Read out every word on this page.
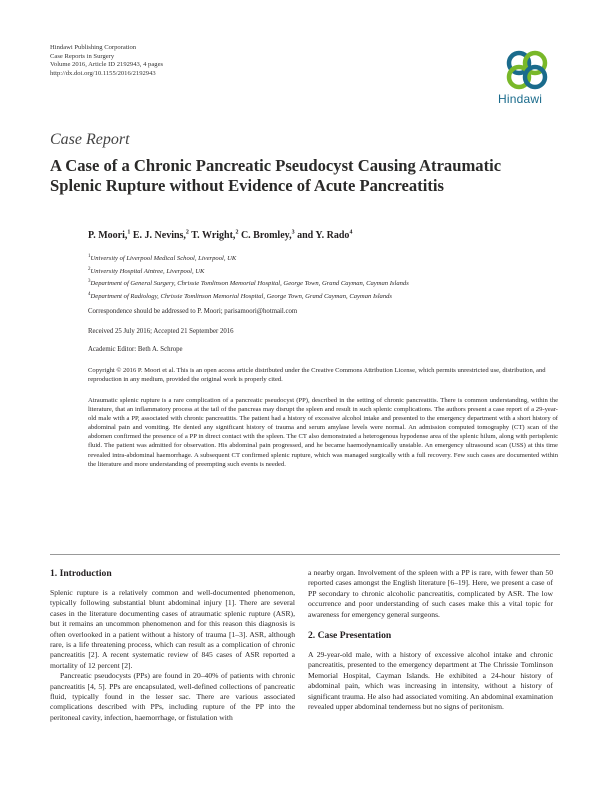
Hindawi Publishing Corporation
Case Reports in Surgery
Volume 2016, Article ID 2192943, 4 pages
http://dx.doi.org/10.1155/2016/2192943
Hindawi
Case Report
A Case of a Chronic Pancreatic Pseudocyst Causing Atraumatic
Splenic Rupture without Evidence of Acute Pancreatitis
P. Moori,$^1$ E. J. Nevins,$^2$ T. Wright,$^2$ C. Bromley,$^3$ and Y. Rado$^4$
$^1$University of Liverpool Medical School, Liverpool, UK
$^2$University Hospital Aintree, Liverpool, UK
$^3$Department of General Surgery, Chrissie Tomlinson Memorial Hospital, George Town, Grand Cayman, Cayman Islands
$^4$Department of Radiology, Chrissie Tomlinson Memorial Hospital, George Town, Grand Cayman, Cayman Islands
Correspondence should be addressed to P. Moori; parisamoori@hotmail.com
Received 25 July 2016; Accepted 21 September 2016
Academic Editor: Beth A. Schrope
Copyright © 2016 P. Moori et al. This is an open access article distributed under the Creative Commons Attribution License, which permits unrestricted use, distribution, and reproduction in any medium, provided the original work is properly cited.
Atraumatic splenic rupture is a rare complication of a pancreatic pseudocyst (PP), described in the setting of chronic pancreatitis. There is common understanding, within the literature, that an inflammatory process at the tail of the pancreas may disrupt the spleen and result in such splenic complications. The authors present a case report of a 29-year-old male with a PP, associated with chronic pancreatitis. The patient had a history of excessive alcohol intake and presented to the emergency department with a short history of abdominal pain and vomiting. He denied any significant history of trauma and serum amylase levels were normal. An admission computed tomography (CT) scan of the abdomen confirmed the presence of a PP in direct contact with the spleen. The CT also demonstrated a heterogenous hypodense area of the splenic hilum, along with perisplenic fluid. The patient was admitted for observation. His abdominal pain progressed, and he became haemodynamically unstable. An emergency ultrasound scan (USS) at this time revealed intra-abdominal haemorrhage. A subsequent CT confirmed splenic rupture, which was managed surgically with a full recovery. Few such cases are documented within the literature and more understanding of preempting such events is needed.
1. Introduction

Splenic rupture is a relatively common and well-documented phenomenon, typically following substantial blunt abdominal injury [1]. There are several cases in the literature documenting cases of atraumatic splenic rupture (ASR), but it remains an uncommon phenomenon and for this reason this diagnosis is often overlooked in a patient without a history of trauma [1–3]. ASR, although rare, is a life threatening process, which can result as a complication of chronic pancreatitis [2]. A recent systematic review of 845 cases of ASR reported a mortality of 12 percent [2].

Pancreatic pseudocysts (PPs) are found in 20–40% of patients with chronic pancreatitis [4, 5]. PPs are encapsulated, well-defined collections of pancreatic fluid, typically found in the lesser sac. There are various associated complications described with PPs, including rupture of the PP into the peritoneal cavity, infection, haemorrhage, or fistulation with

a nearby organ. Involvement of the spleen with a PP is rare, with fewer than 50 reported cases amongst the English literature [6–19]. Here, we present a case of PP secondary to chronic alcoholic pancreatitis, complicated by ASR. The low occurrence and poor understanding of such cases make this a vital topic for awareness for emergency general surgeons.

2. Case Presentation

A 29-year-old male, with a history of excessive alcohol intake and chronic pancreatitis, presented to the emergency department at The Chrissie Tomlinson Memorial Hospital, Cayman Islands. He exhibited a 24-hour history of abdominal pain, which was increasing in intensity, without a history of significant trauma. He also had associated vomiting. An abdominal examination revealed upper abdominal tenderness but no signs of peritonism.
